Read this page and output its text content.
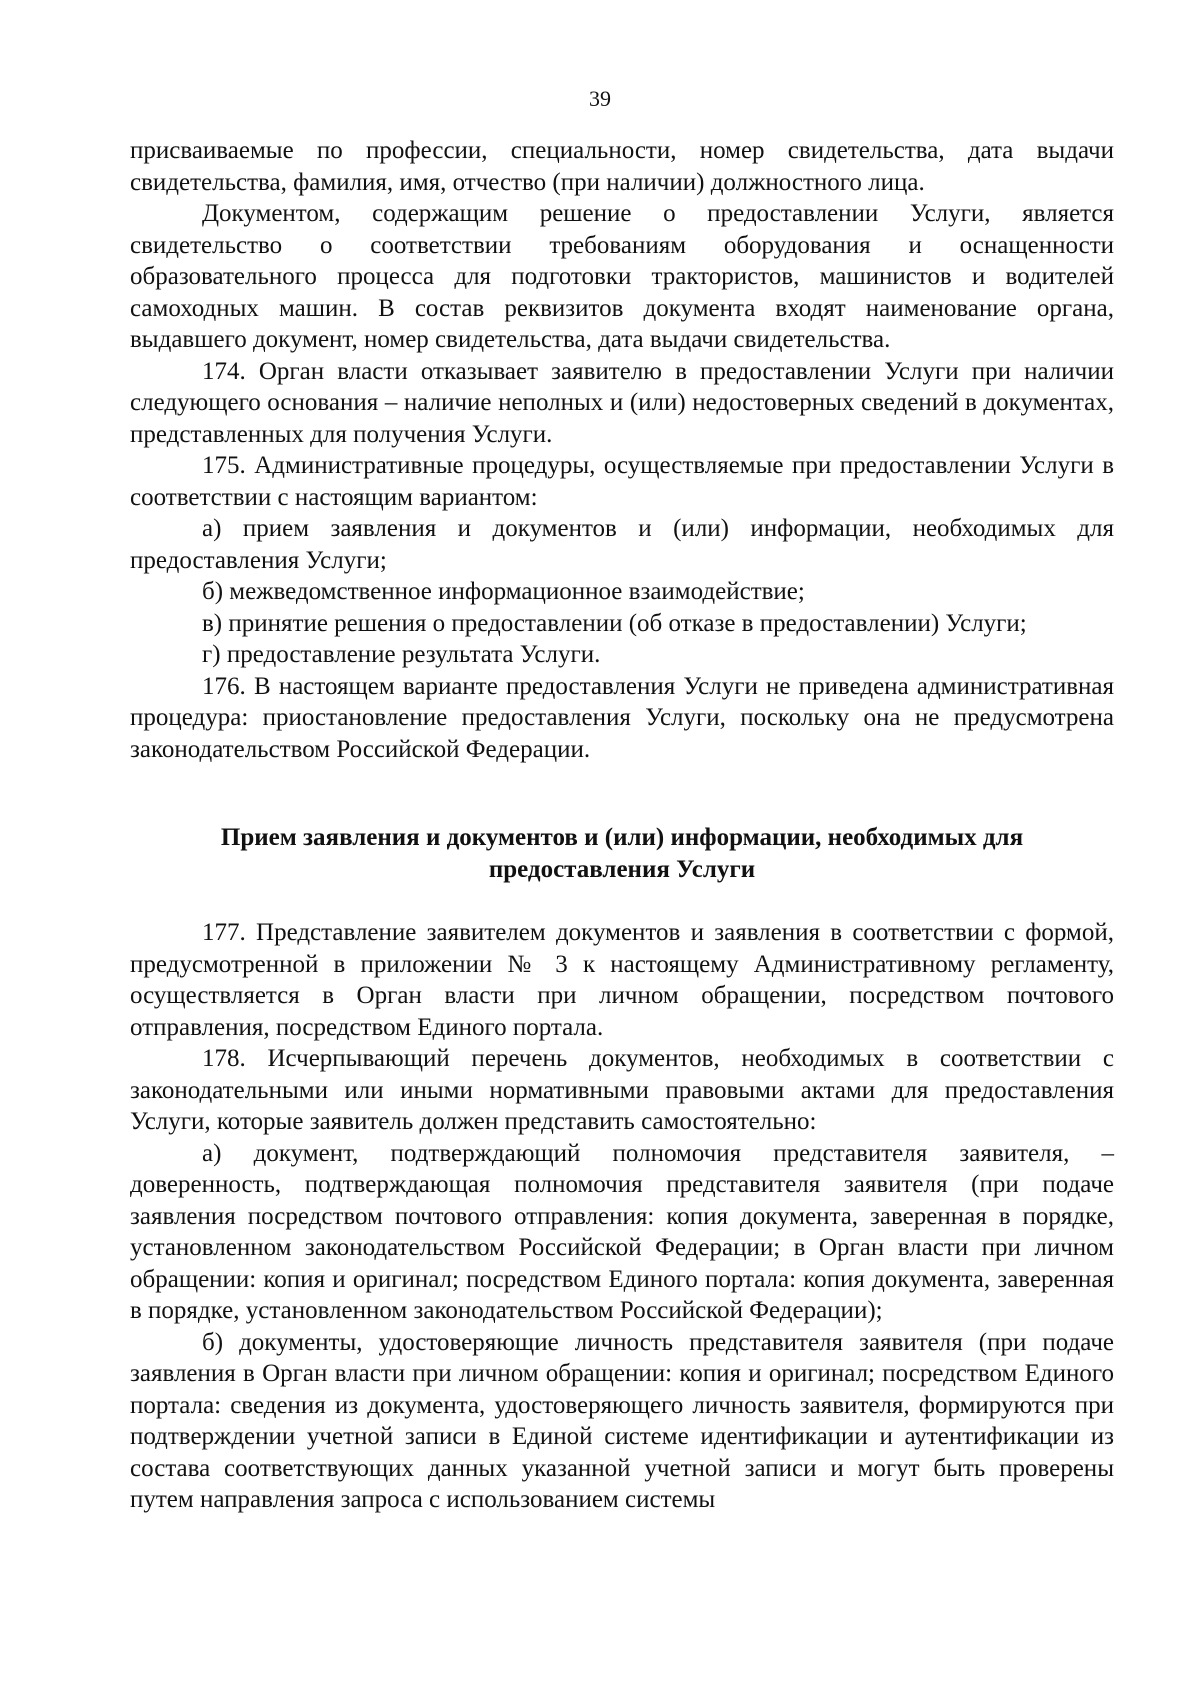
39

присваиваемые по профессии, специальности, номер свидетельства, дата выдачи свидетельства, фамилия, имя, отчество (при наличии) должностного лица.

Документом, содержащим решение о предоставлении Услуги, является свидетельство о соответствии требованиям оборудования и оснащенности образовательного процесса для подготовки трактористов, машинистов и водителей самоходных машин. В состав реквизитов документа входят наименование органа, выдавшего документ, номер свидетельства, дата выдачи свидетельства.

174. Орган власти отказывает заявителю в предоставлении Услуги при наличии следующего основания – наличие неполных и (или) недостоверных сведений в документах, представленных для получения Услуги.

175. Административные процедуры, осуществляемые при предоставлении Услуги в соответствии с настоящим вариантом:

а) прием заявления и документов и (или) информации, необходимых для предоставления Услуги;

б) межведомственное информационное взаимодействие;

в) принятие решения о предоставлении (об отказе в предоставлении) Услуги;

г) предоставление результата Услуги.

176. В настоящем варианте предоставления Услуги не приведена административная процедура: приостановление предоставления Услуги, поскольку она не предусмотрена законодательством Российской Федерации.

Прием заявления и документов и (или) информации, необходимых для
предоставления Услуги

177. Представление заявителем документов и заявления в соответствии с формой, предусмотренной в приложении № 3 к настоящему Административному регламенту, осуществляется в Орган власти при личном обращении, посредством почтового отправления, посредством Единого портала.

178. Исчерпывающий перечень документов, необходимых в соответствии с законодательными или иными нормативными правовыми актами для предоставления Услуги, которые заявитель должен представить самостоятельно:

а) документ, подтверждающий полномочия представителя заявителя, – доверенность, подтверждающая полномочия представителя заявителя (при подаче заявления посредством почтового отправления: копия документа, заверенная в порядке, установленном законодательством Российской Федерации; в Орган власти при личном обращении: копия и оригинал; посредством Единого портала: копия документа, заверенная в порядке, установленном законодательством Российской Федерации);

б) документы, удостоверяющие личность представителя заявителя (при подаче заявления в Орган власти при личном обращении: копия и оригинал; посредством Единого портала: сведения из документа, удостоверяющего личность заявителя, формируются при подтверждении учетной записи в Единой системе идентификации и аутентификации из состава соответствующих данных указанной учетной записи и могут быть проверены путем направления запроса с использованием системы
